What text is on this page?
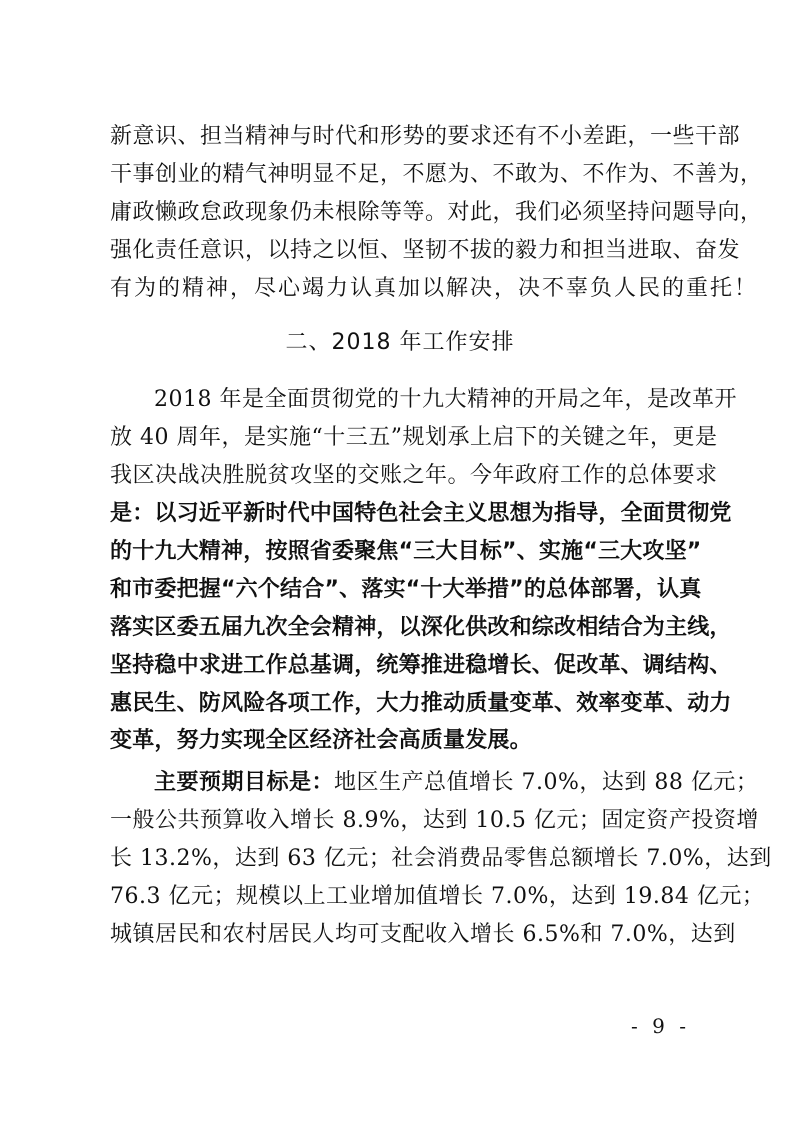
新意识、担当精神与时代和形势的要求还有不小差距，一些干部
干事创业的精气神明显不足，不愿为、不敢为、不作为、不善为，
庸政懒政怠政现象仍未根除等等。对此，我们必须坚持问题导向，
强化责任意识，以持之以恒、坚韧不拔的毅力和担当进取、奋发
有为的精神，尽心竭力认真加以解决，决不辜负人民的重托！
二、2018 年工作安排
2018 年是全面贯彻党的十九大精神的开局之年，是改革开
放 40 周年，是实施“十三五”规划承上启下的关键之年，更是
我区决战决胜脱贫攻坚的交账之年。今年政府工作的总体要求
是：以习近平新时代中国特色社会主义思想为指导，全面贯彻党
的十九大精神，按照省委聚焦“三大目标”、实施“三大攻坚”
和市委把握“六个结合”、落实“十大举措”的总体部署，认真
落实区委五届九次全会精神，以深化供改和综改相结合为主线，
坚持稳中求进工作总基调，统筹推进稳增长、促改革、调结构、
惠民生、防风险各项工作，大力推动质量变革、效率变革、动力
变革，努力实现全区经济社会高质量发展。
主要预期目标是：地区生产总值增长 7.0%，达到 88 亿元；
一般公共预算收入增长 8.9%，达到 10.5 亿元；固定资产投资增
长 13.2%，达到 63 亿元；社会消费品零售总额增长 7.0%，达到
76.3 亿元；规模以上工业增加值增长 7.0%，达到 19.84 亿元；
城镇居民和农村居民人均可支配收入增长 6.5%和 7.0%，达到
- 9 -
